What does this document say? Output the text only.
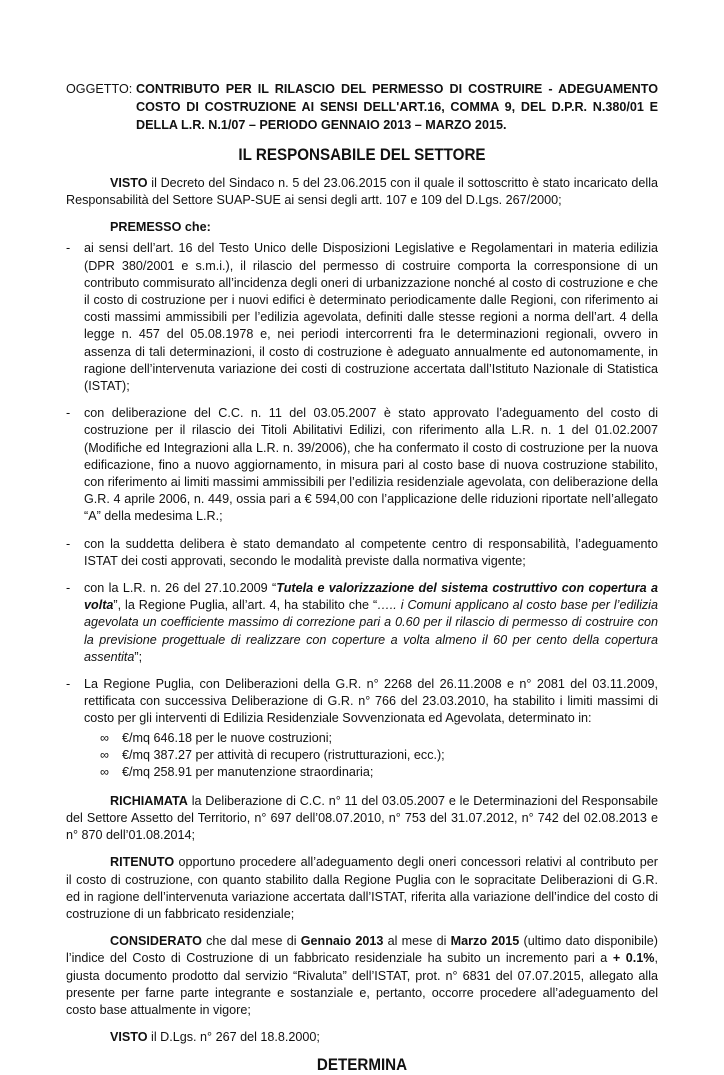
OGGETTO: CONTRIBUTO PER IL RILASCIO DEL PERMESSO DI COSTRUIRE - ADEGUAMENTO COSTO DI COSTRUZIONE AI SENSI DELL'ART.16, COMMA 9, DEL D.P.R. N.380/01 E DELLA L.R. N.1/07 – PERIODO GENNAIO 2013 – MARZO 2015.
IL RESPONSABILE DEL SETTORE

VISTO il Decreto del Sindaco n. 5 del 23.06.2015 con il quale il sottoscritto è stato incaricato della Responsabilità del Settore SUAP-SUE ai sensi degli artt. 107 e 109 del D.Lgs. 267/2000;

PREMESSO che:
-	ai sensi dell’art. 16 del Testo Unico delle Disposizioni Legislative e Regolamentari in materia edilizia (DPR 380/2001 e s.m.i.), il rilascio del permesso di costruire comporta la corresponsione di un contributo commisurato all’incidenza degli oneri di urbanizzazione nonché al costo di costruzione e che il costo di costruzione per i nuovi edifici è determinato periodicamente dalle Regioni, con riferimento ai costi massimi ammissibili per l’edilizia agevolata, definiti dalle stesse regioni a norma dell’art. 4 della legge n. 457 del 05.08.1978 e, nei periodi intercorrenti fra le determinazioni regionali, ovvero in assenza di tali determinazioni, il costo di costruzione è adeguato annualmente ed autonomamente, in ragione dell’intervenuta variazione dei costi di costruzione accertata dall’Istituto Nazionale di Statistica (ISTAT);
-	con deliberazione del C.C. n. 11 del 03.05.2007 è stato approvato l’adeguamento del costo di costruzione per il rilascio dei Titoli Abilitativi Edilizi, con riferimento alla L.R. n. 1 del 01.02.2007 (Modifiche ed Integrazioni alla L.R. n. 39/2006), che ha confermato il costo di costruzione per la nuova edificazione, fino a nuovo aggiornamento, in misura pari al costo base di nuova costruzione stabilito, con riferimento ai limiti massimi ammissibili per l’edilizia residenziale agevolata, con deliberazione della G.R. 4 aprile 2006, n. 449, ossia pari a € 594,00 con l’applicazione delle riduzioni riportate nell’allegato “A” della medesima L.R.;
-	con la suddetta delibera è stato demandato al competente centro di responsabilità, l’adeguamento ISTAT dei costi approvati, secondo le modalità previste dalla normativa vigente;
-	con la L.R. n. 26 del 27.10.2009 “Tutela e valorizzazione del sistema costruttivo con copertura a volta”, la Regione Puglia, all’art. 4, ha stabilito che “….. i Comuni applicano al costo base per l’edilizia agevolata un coefficiente massimo di correzione pari a 0.60 per il rilascio di permesso di costruire con la previsione progettuale di realizzare con coperture a volta almeno il 60 per cento della copertura assentita”;
-	La Regione Puglia, con Deliberazioni della G.R. n° 2268 del 26.11.2008 e n° 2081 del 03.11.2009, rettificata con successiva Deliberazione di G.R. n° 766 del 23.03.2010, ha stabilito i limiti massimi di costo per gli interventi di Edilizia Residenziale Sovvenzionata ed Agevolata, determinato in:
∞	€/mq 646.18 per le nuove costruzioni;
∞	€/mq 387.27 per attività di recupero (ristrutturazioni, ecc.);
∞	€/mq 258.91 per manutenzione straordinaria;

RICHIAMATA la Deliberazione di C.C. n° 11 del 03.05.2007 e le Determinazioni del Responsabile del Settore Assetto del Territorio, n° 697 dell’08.07.2010, n° 753 del 31.07.2012, n° 742 del 02.08.2013 e n° 870 dell’01.08.2014;

RITENUTO opportuno procedere all’adeguamento degli oneri concessori relativi al contributo per il costo di costruzione, con quanto stabilito dalla Regione Puglia con le sopracitate Deliberazioni di G.R. ed in ragione dell’intervenuta variazione accertata dall’ISTAT, riferita alla variazione dell’indice del costo di costruzione di un fabbricato residenziale;

CONSIDERATO che dal mese di Gennaio 2013 al mese di Marzo 2015 (ultimo dato disponibile) l’indice del Costo di Costruzione di un fabbricato residenziale ha subito un incremento pari a + 0.1%, giusta documento prodotto dal servizio “Rivaluta” dell’ISTAT, prot. n° 6831 del 07.07.2015, allegato alla presente per farne parte integrante e sostanziale e, pertanto, occorre procedere all’adeguamento del costo base attualmente in vigore;

VISTO il D.Lgs. n° 267 del 18.8.2000;

DETERMINA
